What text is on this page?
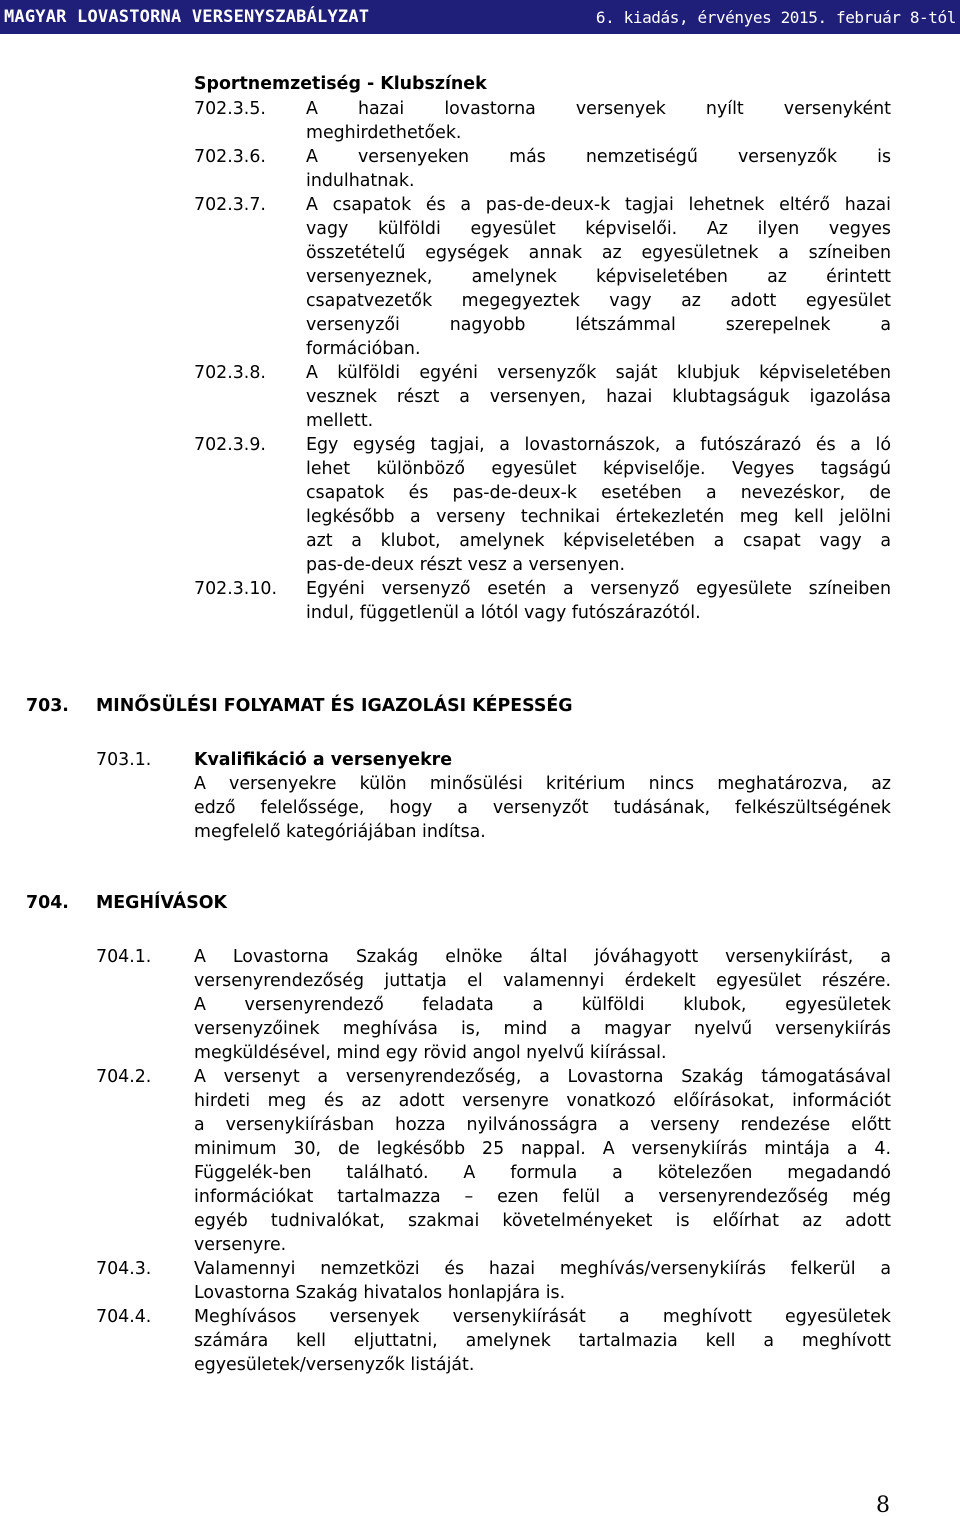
MAGYAR LOVASTORNA VERSENYSZABÁLYZAT	6. kiadás, érvényes 2015. február 8-tól
Sportnemzetiség - Klubszínek
702.3.5. A hazai lovastorna versenyek nyílt versenyként
meghirdethetőek.
702.3.6. A versenyeken más nemzetiségű versenyzők is
indulhatnak.
702.3.7. A csapatok és a pas-de-deux-k tagjai lehetnek eltérő hazai
vagy külföldi egyesület képviselői. Az ilyen vegyes
összetételű egységek annak az egyesületnek a színeiben
versenyeznek, amelynek képviseletében az érintett
csapatvezetők megegyeztek vagy az adott egyesület
versenyzői nagyobb létszámmal szerepelnek a
formációban.
702.3.8. A külföldi egyéni versenyzők saját klubjuk képviseletében
vesznek részt a versenyen, hazai klubtagságuk igazolása
mellett.
702.3.9. Egy egység tagjai, a lovastornászok, a futószárazó és a ló
lehet különböző egyesület képviselője. Vegyes tagságú
csapatok és pas-de-deux-k esetében a nevezéskor, de
legkésőbb a verseny technikai értekezletén meg kell jelölni
azt a klubot, amelynek képviseletében a csapat vagy a
pas-de-deux részt vesz a versenyen.
702.3.10. Egyéni versenyző esetén a versenyző egyesülete színeiben
indul, függetlenül a lótól vagy futószárazótól.
703. MINŐSÜLÉSI FOLYAMAT ÉS IGAZOLÁSI KÉPESSÉG
703.1. Kvalifikáció a versenyekre
A versenyekre külön minősülési kritérium nincs meghatározva, az
edző felelőssége, hogy a versenyzőt tudásának, felkészültségének
megfelelő kategóriájában indítsa.
704. MEGHÍVÁSOK
704.1. A Lovastorna Szakág elnöke által jóváhagyott versenykiírást, a
versenyrendezőség juttatja el valamennyi érdekelt egyesület részére.
A versenyrendező feladata a külföldi klubok, egyesületek
versenyzőinek meghívása is, mind a magyar nyelvű versenykiírás
megküldésével, mind egy rövid angol nyelvű kiírással.
704.2. A versenyt a versenyrendezőség, a Lovastorna Szakág támogatásával
hirdeti meg és az adott versenyre vonatkozó előírásokat, információt
a versenykiírásban hozza nyilvánosságra a verseny rendezése előtt
minimum 30, de legkésőbb 25 nappal. A versenykiírás mintája a 4.
Függelék-ben található. A formula a kötelezően megadandó
információkat tartalmazza – ezen felül a versenyrendezőség még
egyéb tudnivalókat, szakmai követelményeket is előírhat az adott
versenyre.
704.3. Valamennyi nemzetközi és hazai meghívás/versenykiírás felkerül a
Lovastorna Szakág hivatalos honlapjára is.
704.4. Meghívásos versenyek versenykiírását a meghívott egyesületek
számára kell eljuttatni, amelynek tartalmazia kell a meghívott
egyesületek/versenyzők listáját.
8
